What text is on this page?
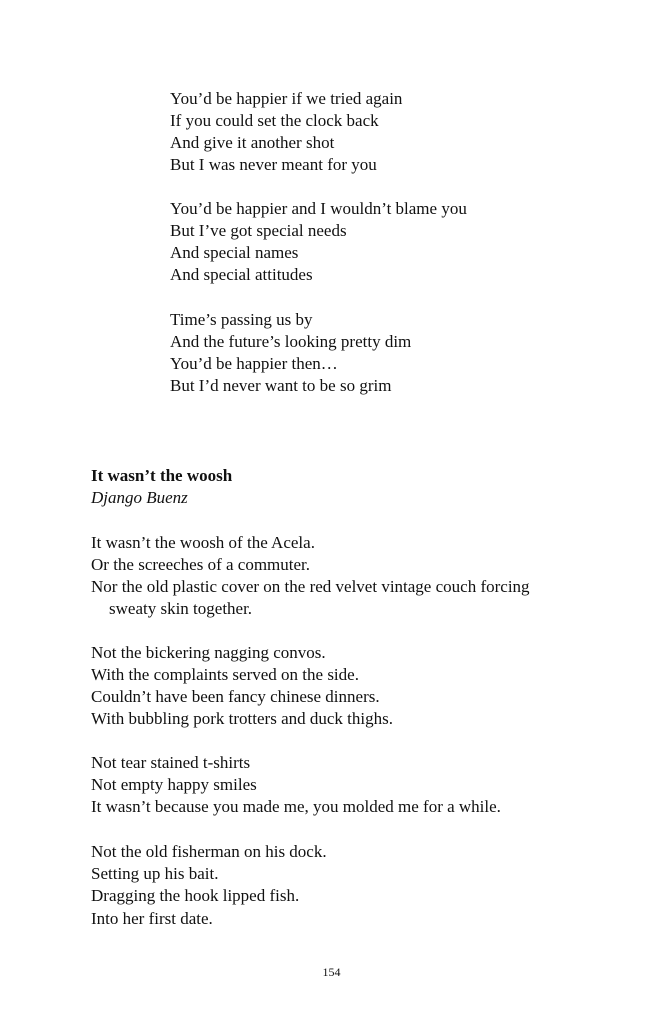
You’d be happier if we tried again
If you could set the clock back
And give it another shot
But I was never meant for you
You’d be happier and I wouldn’t blame you
But I’ve got special needs
And special names
And special attitudes
Time’s passing us by
And the future’s looking pretty dim
You’d be happier then…
But I’d never want to be so grim
It wasn’t the woosh
Django Buenz
It wasn’t the woosh of the Acela.
Or the screeches of a commuter.
Nor the old plastic cover on the red velvet vintage couch forcing
sweaty skin together.
Not the bickering nagging convos.
With the complaints served on the side.
Couldn’t have been fancy chinese dinners.
With bubbling pork trotters and duck thighs.
Not tear stained t-shirts
Not empty happy smiles
It wasn’t because you made me, you molded me for a while.
Not the old fisherman on his dock.
Setting up his bait.
Dragging the hook lipped fish.
Into her first date.
154
